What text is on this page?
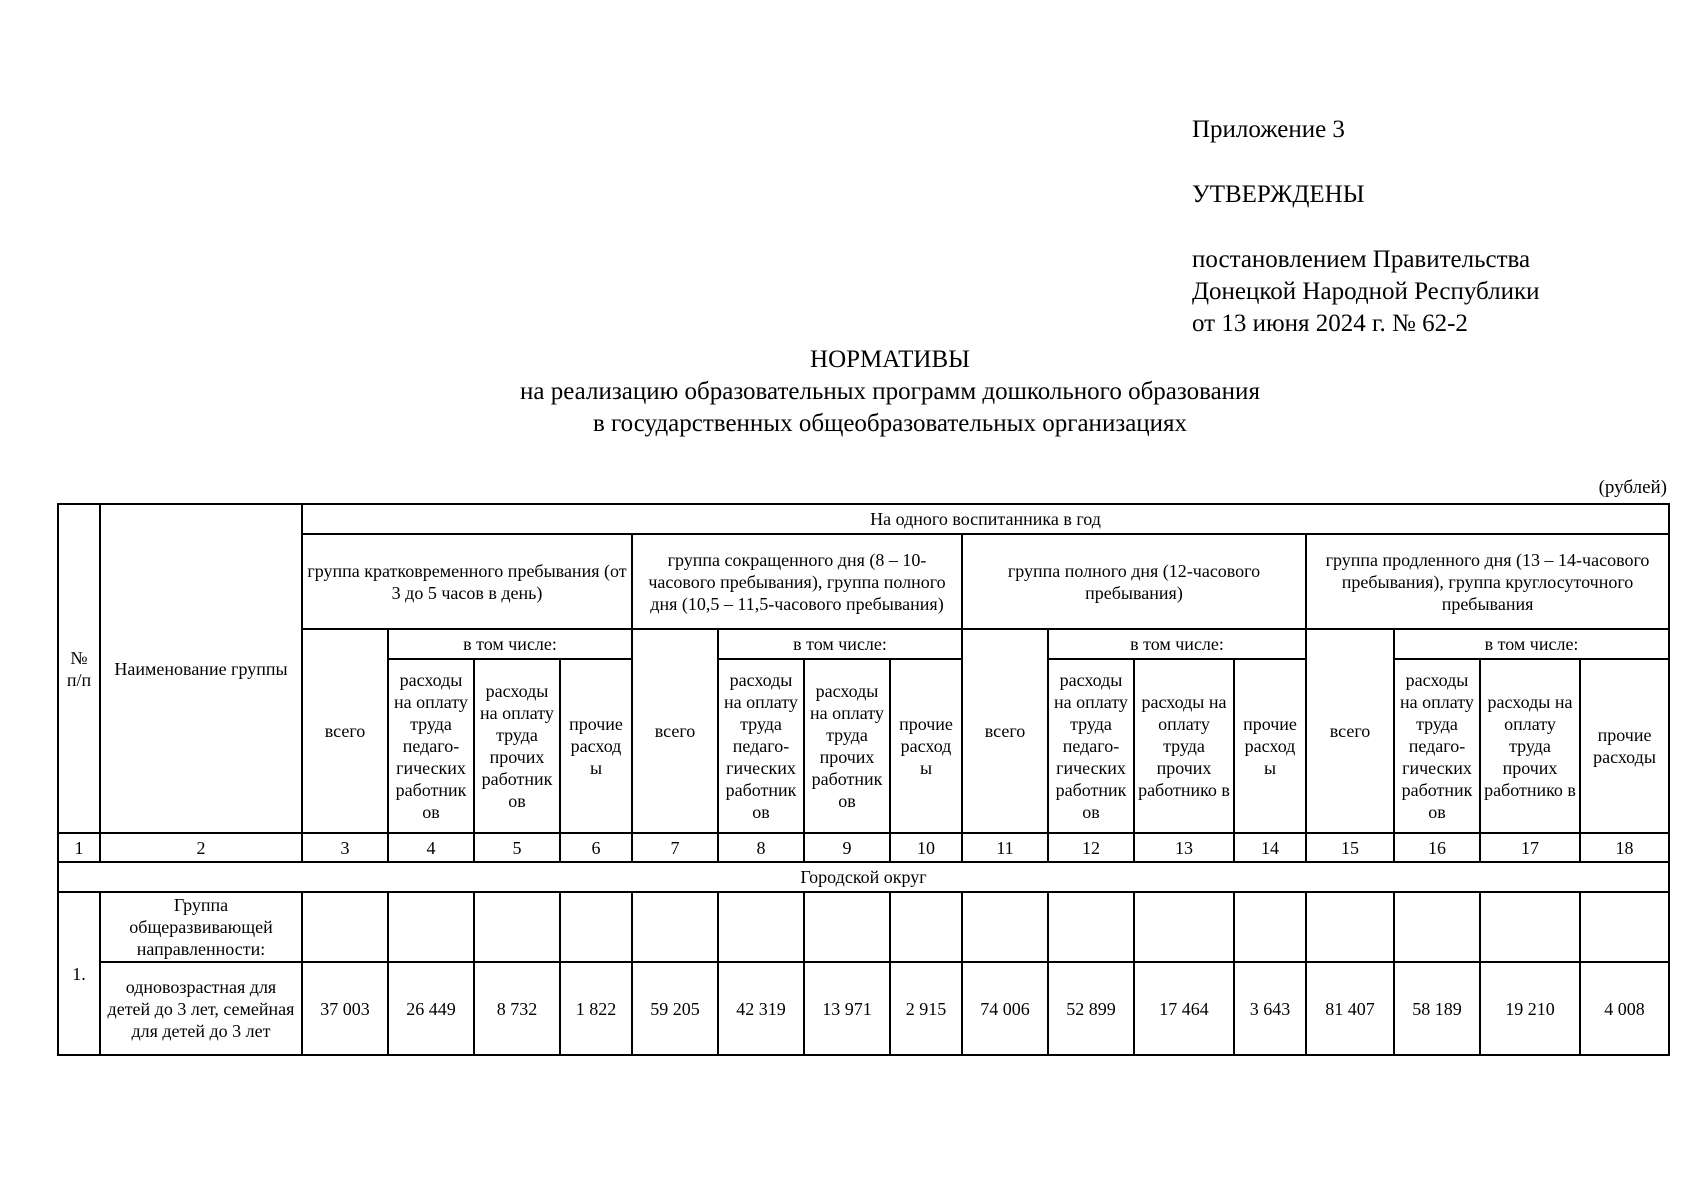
Приложение 3
УТВЕРЖДЕНЫ
постановлением Правительства
Донецкой Народной Республики
от 13 июня 2024 г. № 62-2
НОРМАТИВЫ
на реализацию образовательных программ дошкольного образования
в государственных общеобразовательных организациях
(рублей)
№ п/п	Наименование группы	На одного воспитанника в год															
		группа кратковременного пребывания (от 3 до 5 часов в день)				группа сокращенного дня (8 – 10-часового пребывания), группа полного дня (10,5 – 11,5-часового пребывания)				группа полного дня (12-часового пребывания)				группа продленного дня (13 – 14-часового пребывания), группа круглосуточного пребывания			
		всего	в том числе:			всего	в том числе:			всего	в том числе:			всего	в том числе:		
			расходы на оплату труда педаго-гических работник ов	расходы на оплату труда прочих работник ов	прочие расход ы		расходы на оплату труда педаго-гических работник ов	расходы на оплату труда прочих работник ов	прочие расход ы		расходы на оплату труда педаго-гических работник ов	расходы на оплату труда прочих работнико в	прочие расход ы		расходы на оплату труда педаго-гических работник ов	расходы на оплату труда прочих работнико в	прочие расходы
1	2	3	4	5	6	7	8	9	10	11	12	13	14	15	16	17	18
Городской округ																	
1.	Группа общеразвивающей направленности:																
	одновозрастная для детей до 3 лет, семейная для детей до 3 лет	37 003	26 449	8 732	1 822	59 205	42 319	13 971	2 915	74 006	52 899	17 464	3 643	81 407	58 189	19 210	4 008
